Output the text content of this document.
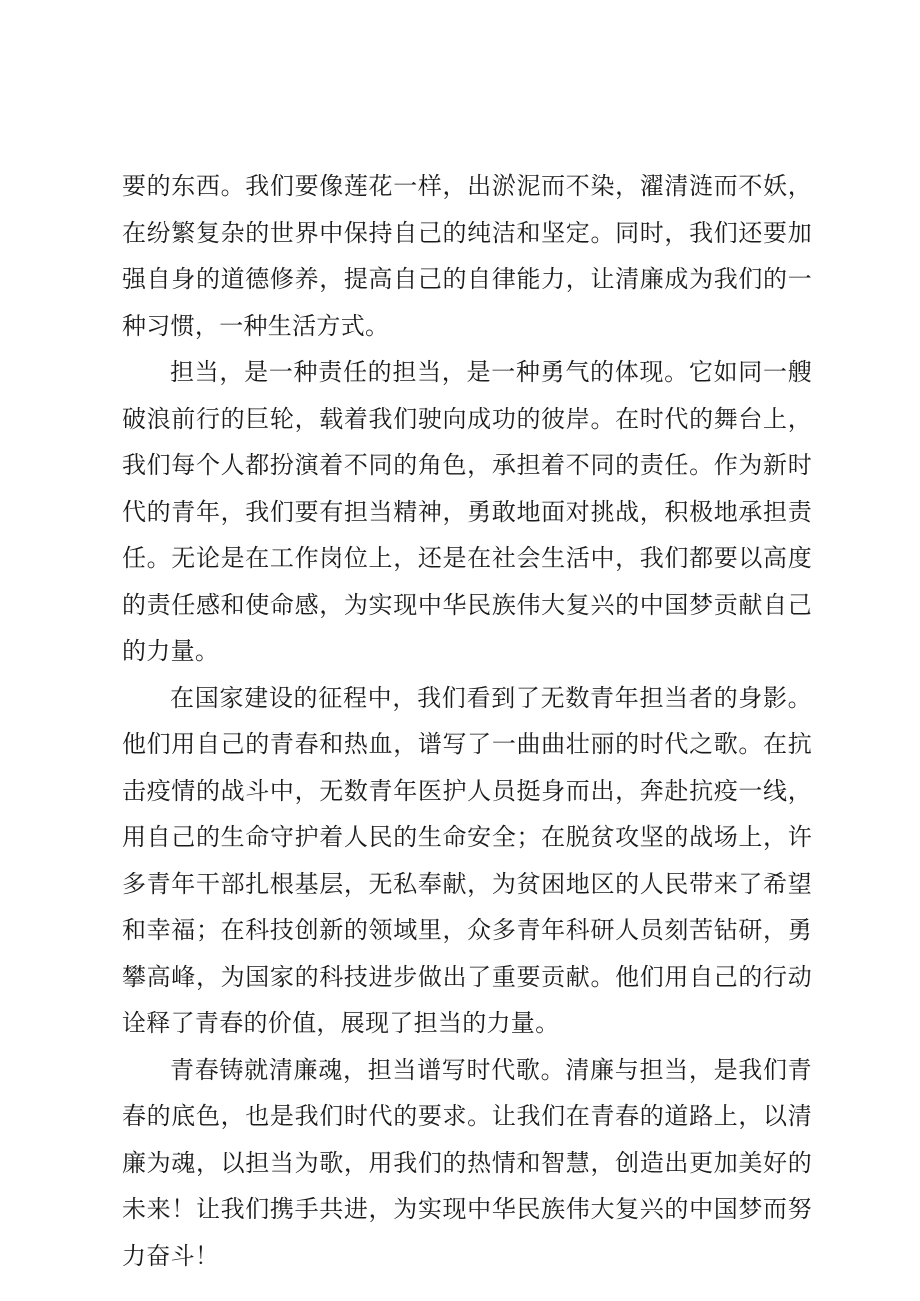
要的东西。我们要像莲花一样，出淤泥而不染，濯清涟而不妖，在纷繁复杂的世界中保持自己的纯洁和坚定。同时，我们还要加强自身的道德修养，提高自己的自律能力，让清廉成为我们的一种习惯，一种生活方式。

担当，是一种责任的担当，是一种勇气的体现。它如同一艘破浪前行的巨轮，载着我们驶向成功的彼岸。在时代的舞台上，我们每个人都扮演着不同的角色，承担着不同的责任。作为新时代的青年，我们要有担当精神，勇敢地面对挑战，积极地承担责任。无论是在工作岗位上，还是在社会生活中，我们都要以高度的责任感和使命感，为实现中华民族伟大复兴的中国梦贡献自己的力量。

在国家建设的征程中，我们看到了无数青年担当者的身影。他们用自己的青春和热血，谱写了一曲曲壮丽的时代之歌。在抗击疫情的战斗中，无数青年医护人员挺身而出，奔赴抗疫一线，用自己的生命守护着人民的生命安全；在脱贫攻坚的战场上，许多青年干部扎根基层，无私奉献，为贫困地区的人民带来了希望和幸福；在科技创新的领域里，众多青年科研人员刻苦钻研，勇攀高峰，为国家的科技进步做出了重要贡献。他们用自己的行动诠释了青春的价值，展现了担当的力量。

青春铸就清廉魂，担当谱写时代歌。清廉与担当，是我们青春的底色，也是我们时代的要求。让我们在青春的道路上，以清廉为魂，以担当为歌，用我们的热情和智慧，创造出更加美好的未来！让我们携手共进，为实现中华民族伟大复兴的中国梦而努力奋斗！
